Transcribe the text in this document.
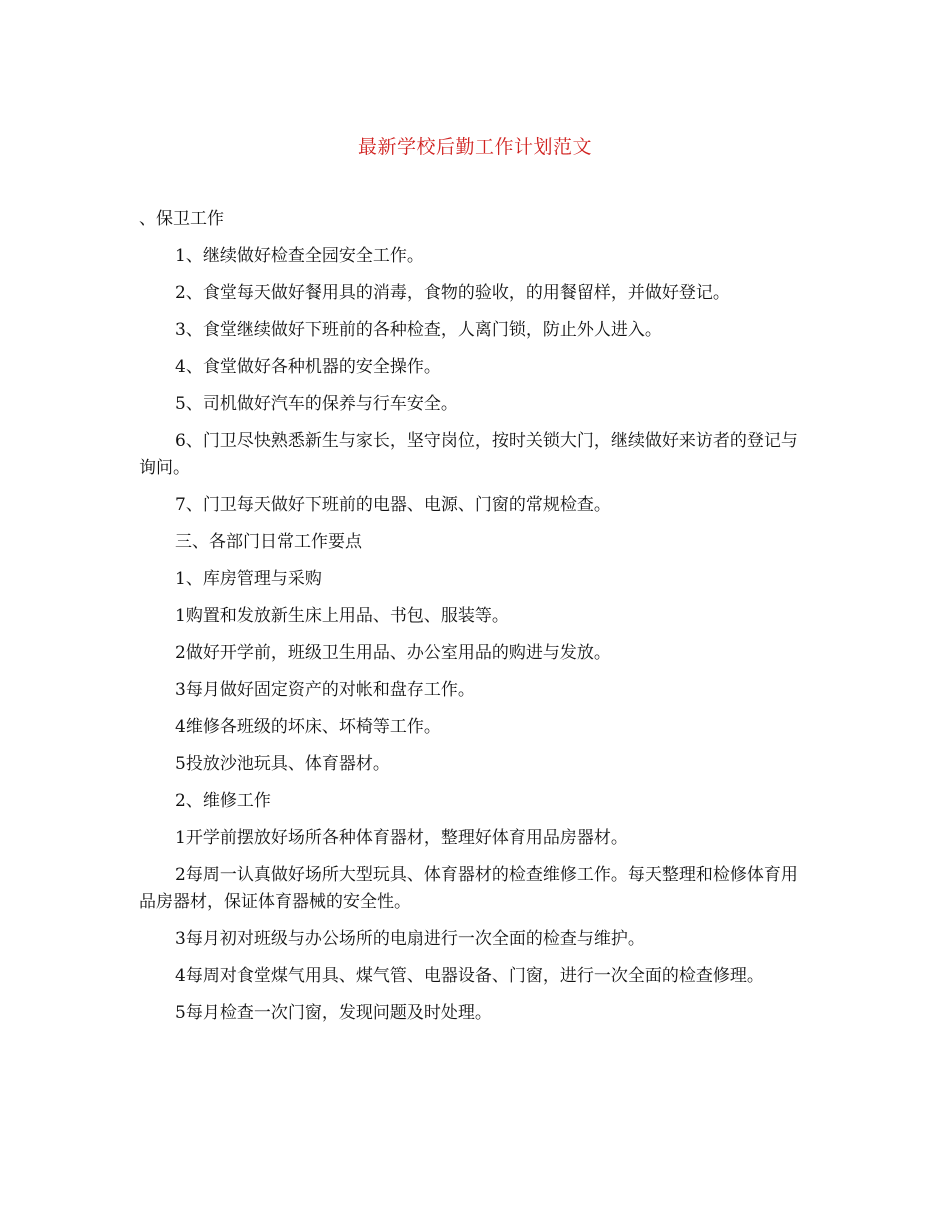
最新学校后勤工作计划范文

、保卫工作

1、继续做好检查全园安全工作。

2、食堂每天做好餐用具的消毒，食物的验收，的用餐留样，并做好登记。

3、食堂继续做好下班前的各种检查，人离门锁，防止外人进入。

4、食堂做好各种机器的安全操作。

5、司机做好汽车的保养与行车安全。

6、门卫尽快熟悉新生与家长，坚守岗位，按时关锁大门，继续做好来访者的登记与询问。

7、门卫每天做好下班前的电器、电源、门窗的常规检查。

三、各部门日常工作要点

1、库房管理与采购

1购置和发放新生床上用品、书包、服装等。

2做好开学前，班级卫生用品、办公室用品的购进与发放。

3每月做好固定资产的对帐和盘存工作。

4维修各班级的坏床、坏椅等工作。

5投放沙池玩具、体育器材。

2、维修工作

1开学前摆放好场所各种体育器材，整理好体育用品房器材。

2每周一认真做好场所大型玩具、体育器材的检查维修工作。每天整理和检修体育用品房器材，保证体育器械的安全性。

3每月初对班级与办公场所的电扇进行一次全面的检查与维护。

4每周对食堂煤气用具、煤气管、电器设备、门窗，进行一次全面的检查修理。

5每月检查一次门窗，发现问题及时处理。
